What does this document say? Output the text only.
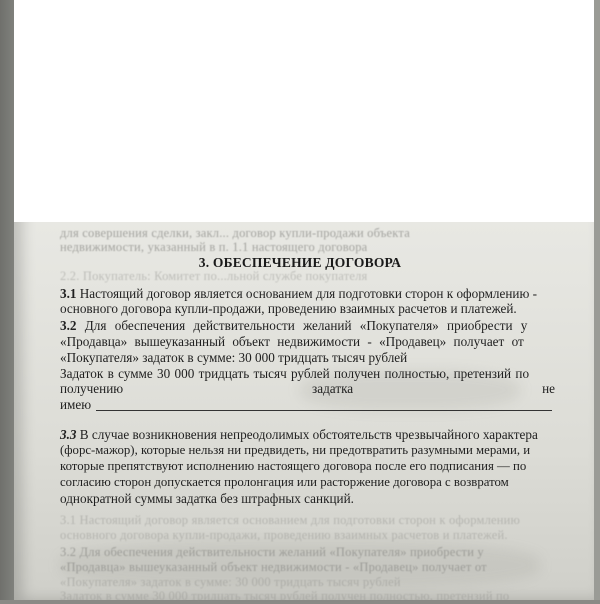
для совершения сделки, закл... договор купли-продажи объекта
недвижимости, указанный в п. 1.1 настоящего договора
2.2. Покупатель: Комитет по...льной службе покупателя
3. ОБЕСПЕЧЕНИЕ ДОГОВОРА
3.1 Настоящий договор является основанием для подготовки сторон к оформлению -
основного договора купли-продажи, проведению взаимных расчетов и платежей.
3.2 Для обеспечения действительности желаний «Покупателя» приобрести у
«Продавца» вышеуказанный объект недвижимости - «Продавец» получает от
«Покупателя» задаток в сумме: 30 000 тридцать тысяч рублей
Задаток в сумме 30 000 тридцать тысяч рублей получен полностью, претензий по
получению	задатка	не
имею
3.3 В случае возникновения непреодолимых обстоятельств чрезвычайного характера
(форс-мажор), которые нельзя ни предвидеть, ни предотвратить разумными мерами, и
которые препятствуют исполнению настоящего договора после его подписания — по
согласию сторон допускается пролонгация или расторжение договора с возвратом
однократной суммы задатка без штрафных санкций.
3.1 Настоящий договор является основанием для подготовки сторон к оформлению
основного договора купли-продажи, проведению взаимных расчетов и платежей.
3.2 Для обеспечения действительности желаний «Покупателя» приобрести у
«Продавца» вышеуказанный объект недвижимости - «Продавец» получает от
«Покупателя» задаток в сумме: 30 000 тридцать тысяч рублей
Задаток в сумме 30 000 тридцать тысяч рублей получен полностью, претензий по
